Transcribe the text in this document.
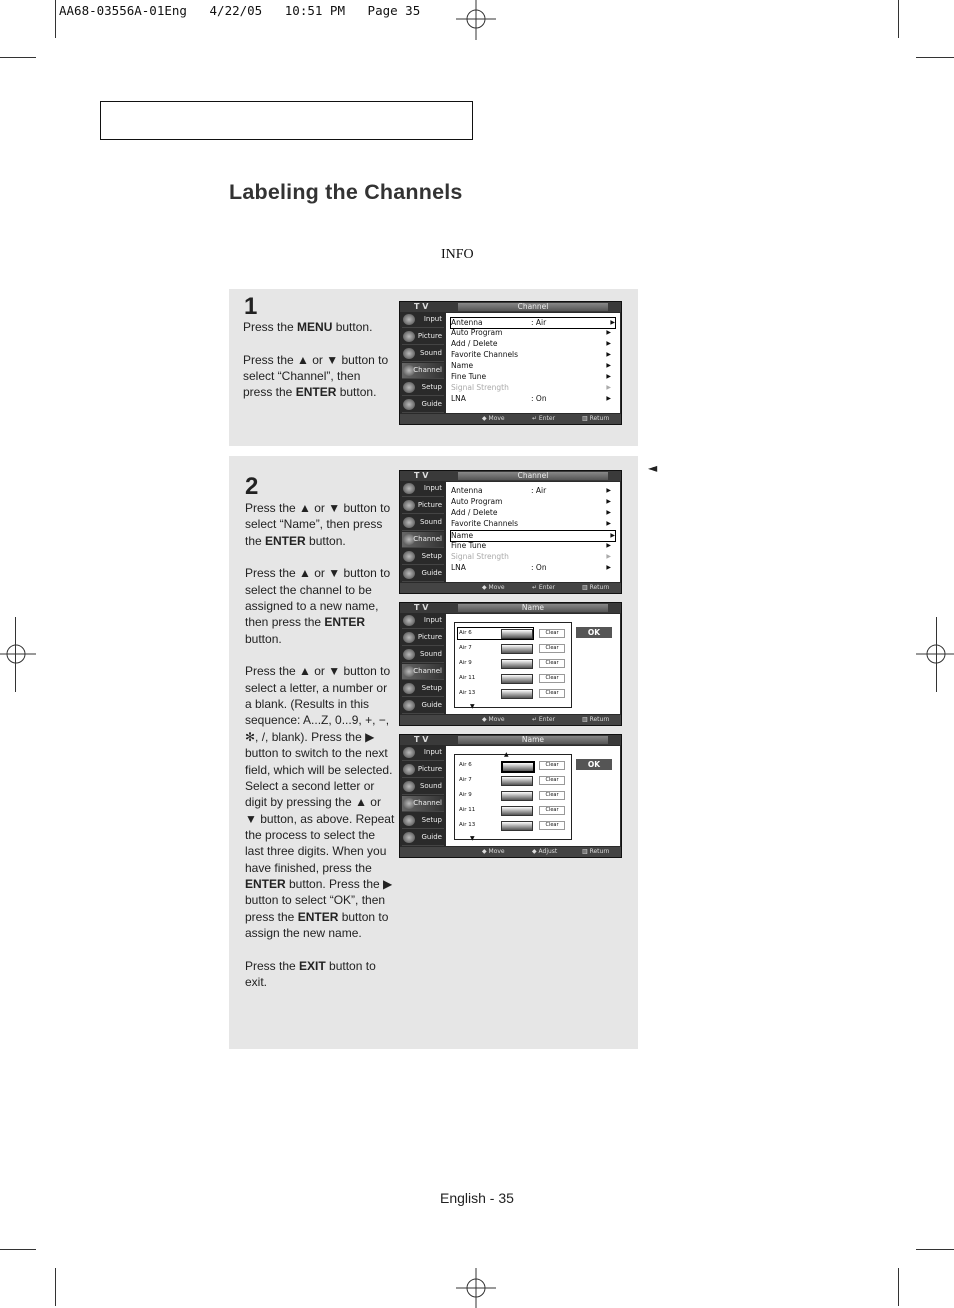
AA68-03556A-01Eng   4/22/05   10:51 PM   Page 35
Labeling the Channels
INFO
1

Press the MENU button.

Press the ▲ or ▼ button to select “Channel”, then press the ENTER button.

2

Press the ▲ or ▼ button to select “Name”, then press the ENTER button.

Press the ▲ or ▼ button to select the channel to be assigned to a new name, then press the ENTER button.

Press the ▲ or ▼ button to select a letter, a number or a blank. (Results in this sequence: A...Z, 0...9, +, −, ✻, /, blank). Press the ▶ button to switch to the next field, which will be selected. Select a second letter or digit by pressing the ▲ or ▼ button, as above. Repeat the process to select the last three digits. When you have finished, press the ENTER button. Press the ▶ button to select “OK”, then press the ENTER button to assign the new name.

Press the EXIT button to exit.

◄
T V	Channel
Input
Picture
Sound
Channel
Setup
Guide
◆ Move	↵ Enter	▥ Return
Antenna	: Air	▶
Auto Program	▶
Add / Delete	▶
Favorite Channels	▶
Name	▶
Fine Tune	▶
Signal Strength	▶
LNA	: On	▶
T V	Channel
Input
Picture
Sound
Channel
Setup
Guide
◆ Move	↵ Enter	▥ Return
Antenna	: Air	▶
Auto Program	▶
Add / Delete	▶
Favorite Channels	▶
Name	▶
Fine Tune	▶
Signal Strength	▶
LNA	: On	▶
T V	Name
Input
Picture
Sound
Channel
Setup
Guide
◆ Move	↵ Enter	▥ Return
Air 6	Clear
Air 7	Clear
Air 9	Clear
Air 11	Clear
Air 13	Clear
OK
▼
T V	Name
Input
Picture
Sound
Channel
Setup
Guide
◆ Move	◆ Adjust	▥ Return
Air 6	Clear
Air 7	Clear
Air 9	Clear
Air 11	Clear
Air 13	Clear
OK
▼
▲
English - 35
